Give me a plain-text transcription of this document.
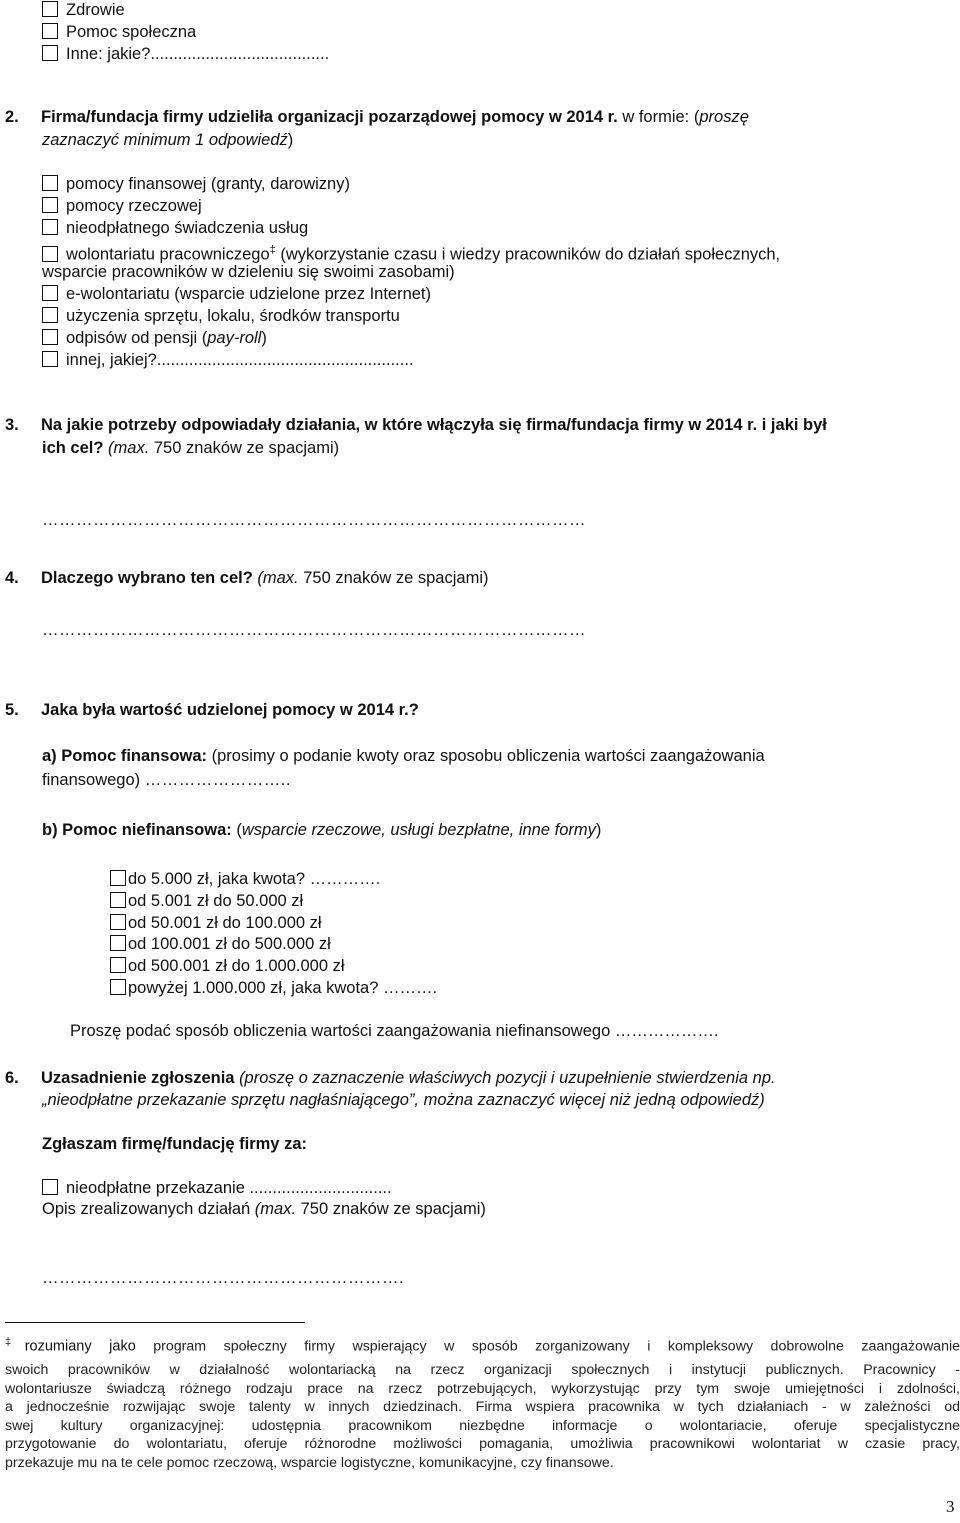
Zdrowie
Pomoc społeczna
Inne: jakie?.......................................
2. Firma/fundacja firmy udzieliła organizacji pozarządowej pomocy w 2014 r. w formie: (proszę
zaznaczyć minimum 1 odpowiedź)
pomocy finansowej (granty, darowizny)
pomocy rzeczowej
nieodpłatnego świadczenia usług
wolontariatu pracowniczego‡ (wykorzystanie czasu i wiedzy pracowników do działań społecznych,
wsparcie pracowników w dzieleniu się swoimi zasobami)
e-wolontariatu (wsparcie udzielone przez Internet)
użyczenia sprzętu, lokalu, środków transportu
odpisów od pensji (pay-roll)
innej, jakiej?........................................................
3. Na jakie potrzeby odpowiadały działania, w które włączyła się firma/fundacja firmy w 2014 r. i jaki był
ich cel? (max. 750 znaków ze spacjami)
……………………………………………………………………………………
4. Dlaczego wybrano ten cel? (max. 750 znaków ze spacjami)
……………………………………………………………………………………
5. Jaka była wartość udzielonej pomocy w 2014 r.?
a) Pomoc finansowa: (prosimy o podanie kwoty oraz sposobu obliczenia wartości zaangażowania
finansowego) ……………………..
b) Pomoc niefinansowa: (wsparcie rzeczowe, usługi bezpłatne, inne formy)
do 5.000 zł, jaka kwota? ………….
od 5.001 zł do 50.000 zł
od 50.001 zł do 100.000 zł
od 100.001 zł do 500.000 zł
od 500.001 zł do 1.000.000 zł
powyżej 1.000.000 zł, jaka kwota? ……….
Proszę podać sposób obliczenia wartości zaangażowania niefinansowego ……………….
6. Uzasadnienie zgłoszenia (proszę o zaznaczenie właściwych pozycji i uzupełnienie stwierdzenia np.
„nieodpłatne przekazanie sprzętu nagłaśniającego”, można zaznaczyć więcej niż jedną odpowiedź)
Zgłaszam firmę/fundację firmy za:
nieodpłatne przekazanie ...............................
Opis zrealizowanych działań (max. 750 znaków ze spacjami)
……………………………………………………….
‡rozumiany jako program społeczny firmy wspierający w sposób zorganizowany i kompleksowy dobrowolne zaangażowanie
swoich pracowników w działalność wolontariacką na rzecz organizacji społecznych i instytucji publicznych. Pracownicy -
wolontariusze świadczą różnego rodzaju prace na rzecz potrzebujących, wykorzystując przy tym swoje umiejętności i zdolności,
a jednocześnie rozwijając swoje talenty w innych dziedzinach. Firma wspiera pracownika w tych działaniach - w zależności od
swej kultury organizacyjnej: udostępnia pracownikom niezbędne informacje o wolontariacie, oferuje specjalistyczne
przygotowanie do wolontariatu, oferuje różnorodne możliwości pomagania, umożliwia pracownikowi wolontariat w czasie pracy,
przekazuje mu na te cele pomoc rzeczową, wsparcie logistyczne, komunikacyjne, czy finansowe.
3
